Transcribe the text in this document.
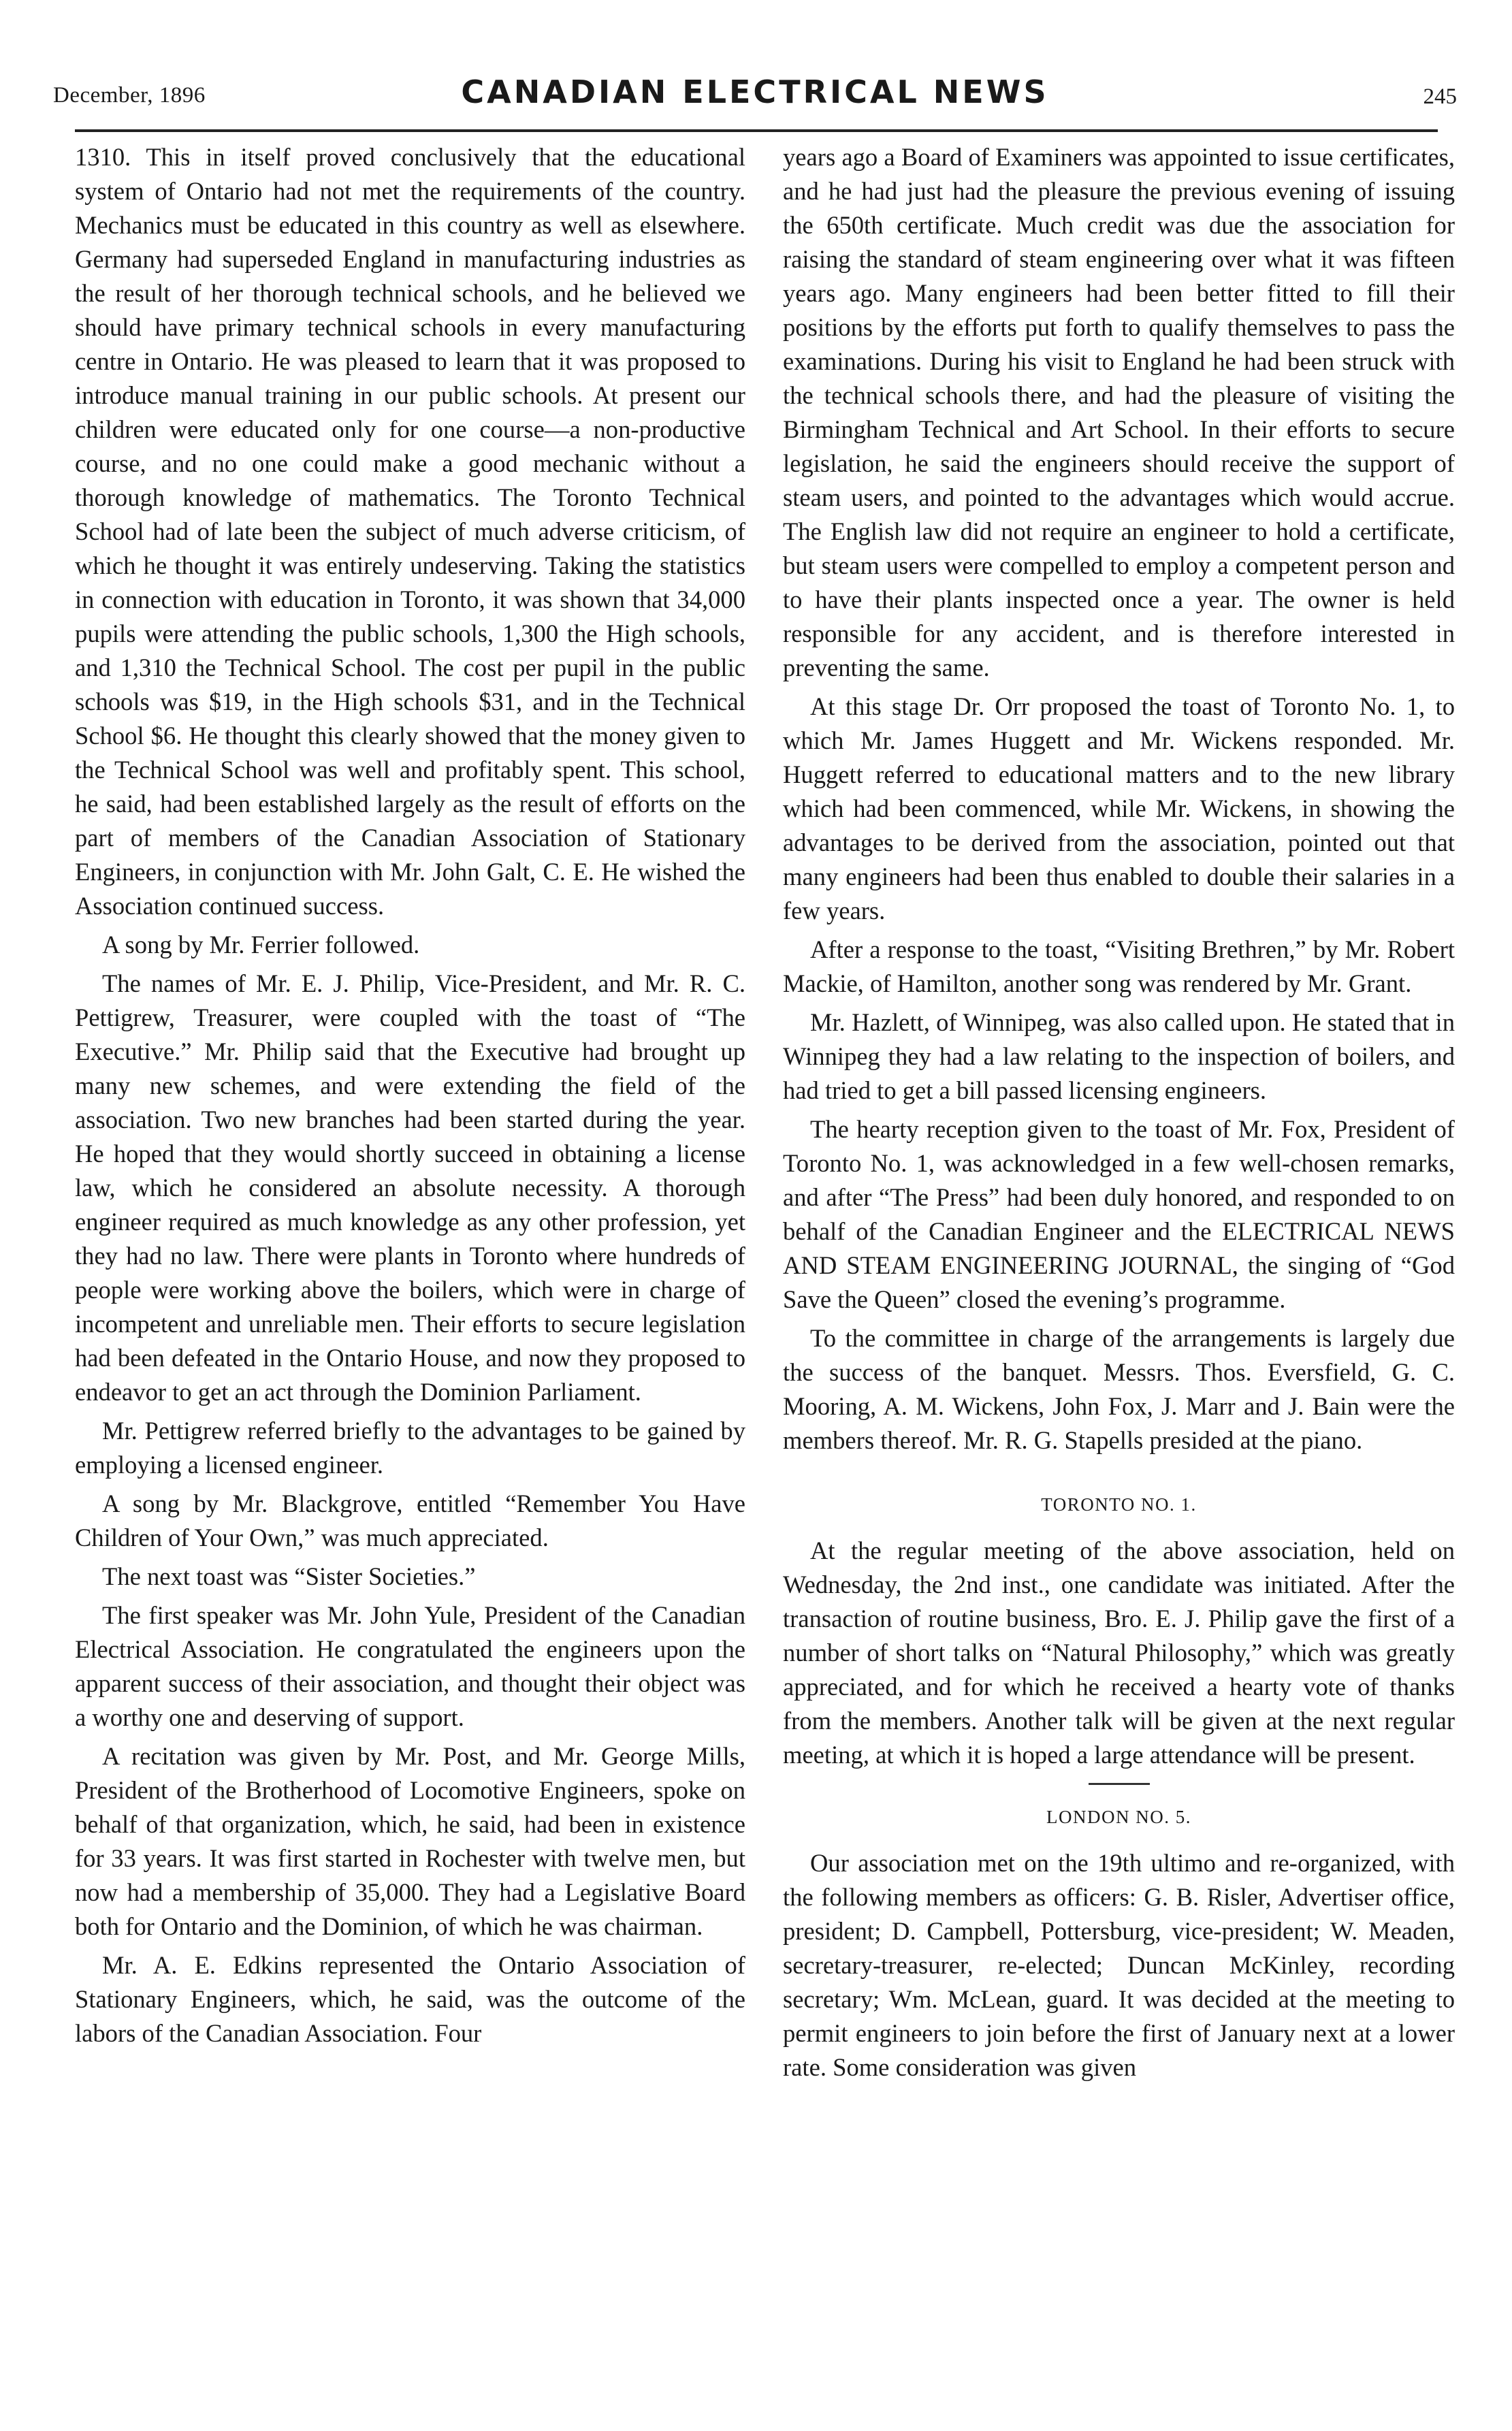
December, 1896	CANADIAN ELECTRICAL NEWS	245

1310. This in itself proved conclusively that the educational system of Ontario had not met the requirements of the country. Mechanics must be educated in this country as well as elsewhere. Germany had superseded England in manufacturing industries as the result of her thorough technical schools, and he believed we should have primary technical schools in every manufacturing centre in Ontario. He was pleased to learn that it was proposed to introduce manual training in our public schools. At present our children were educated only for one course—a non-productive course, and no one could make a good mechanic without a thorough knowledge of mathematics. The Toronto Technical School had of late been the subject of much adverse criticism, of which he thought it was entirely undeserving. Taking the statistics in connection with education in Toronto, it was shown that 34,000 pupils were attending the public schools, 1,300 the High schools, and 1,310 the Technical School. The cost per pupil in the public schools was $19, in the High schools $31, and in the Technical School $6. He thought this clearly showed that the money given to the Technical School was well and profitably spent. This school, he said, had been established largely as the result of efforts on the part of members of the Canadian Association of Stationary Engineers, in conjunction with Mr. John Galt, C. E. He wished the Association continued success.

A song by Mr. Ferrier followed.

The names of Mr. E. J. Philip, Vice-President, and Mr. R. C. Pettigrew, Treasurer, were coupled with the toast of “The Executive.” Mr. Philip said that the Executive had brought up many new schemes, and were extending the field of the association. Two new branches had been started during the year. He hoped that they would shortly succeed in obtaining a license law, which he considered an absolute necessity. A thorough engineer required as much knowledge as any other profession, yet they had no law. There were plants in Toronto where hundreds of people were working above the boilers, which were in charge of incompetent and unreliable men. Their efforts to secure legislation had been defeated in the Ontario House, and now they proposed to endeavor to get an act through the Dominion Parliament.

Mr. Pettigrew referred briefly to the advantages to be gained by employing a licensed engineer.

A song by Mr. Blackgrove, entitled “Remember You Have Children of Your Own,” was much appreciated.

The next toast was “Sister Societies.”

The first speaker was Mr. John Yule, President of the Canadian Electrical Association. He congratulated the engineers upon the apparent success of their association, and thought their object was a worthy one and deserving of support.

A recitation was given by Mr. Post, and Mr. George Mills, President of the Brotherhood of Locomotive Engineers, spoke on behalf of that organization, which, he said, had been in existence for 33 years. It was first started in Rochester with twelve men, but now had a membership of 35,000. They had a Legislative Board both for Ontario and the Dominion, of which he was chairman.

Mr. A. E. Edkins represented the Ontario Association of Stationary Engineers, which, he said, was the outcome of the labors of the Canadian Association. Four

years ago a Board of Examiners was appointed to issue certificates, and he had just had the pleasure the previous evening of issuing the 650th certificate. Much credit was due the association for raising the standard of steam engineering over what it was fifteen years ago. Many engineers had been better fitted to fill their positions by the efforts put forth to qualify themselves to pass the examinations. During his visit to England he had been struck with the technical schools there, and had the pleasure of visiting the Birmingham Technical and Art School. In their efforts to secure legislation, he said the engineers should receive the support of steam users, and pointed to the advantages which would accrue. The English law did not require an engineer to hold a certificate, but steam users were compelled to employ a competent person and to have their plants inspected once a year. The owner is held responsible for any accident, and is therefore interested in preventing the same.

At this stage Dr. Orr proposed the toast of Toronto No. 1, to which Mr. James Huggett and Mr. Wickens responded. Mr. Huggett referred to educational matters and to the new library which had been commenced, while Mr. Wickens, in showing the advantages to be derived from the association, pointed out that many engineers had been thus enabled to double their salaries in a few years.

After a response to the toast, “Visiting Brethren,” by Mr. Robert Mackie, of Hamilton, another song was rendered by Mr. Grant.

Mr. Hazlett, of Winnipeg, was also called upon. He stated that in Winnipeg they had a law relating to the inspection of boilers, and had tried to get a bill passed licensing engineers.

The hearty reception given to the toast of Mr. Fox, President of Toronto No. 1, was acknowledged in a few well-chosen remarks, and after “The Press” had been duly honored, and responded to on behalf of the Canadian Engineer and the ELECTRICAL NEWS AND STEAM ENGINEERING JOURNAL, the singing of “God Save the Queen” closed the evening’s programme.

To the committee in charge of the arrangements is largely due the success of the banquet. Messrs. Thos. Eversfield, G. C. Mooring, A. M. Wickens, John Fox, J. Marr and J. Bain were the members thereof. Mr. R. G. Stapells presided at the piano.

TORONTO NO. 1.

At the regular meeting of the above association, held on Wednesday, the 2nd inst., one candidate was initiated. After the transaction of routine business, Bro. E. J. Philip gave the first of a number of short talks on “Natural Philosophy,” which was greatly appreciated, and for which he received a hearty vote of thanks from the members. Another talk will be given at the next regular meeting, at which it is hoped a large attendance will be present.

LONDON NO. 5.

Our association met on the 19th ultimo and re-organized, with the following members as officers: G. B. Risler, Advertiser office, president; D. Campbell, Pottersburg, vice-president; W. Meaden, secretary-treasurer, re-elected; Duncan McKinley, recording secretary; Wm. McLean, guard. It was decided at the meeting to permit engineers to join before the first of January next at a lower rate. Some consideration was given
